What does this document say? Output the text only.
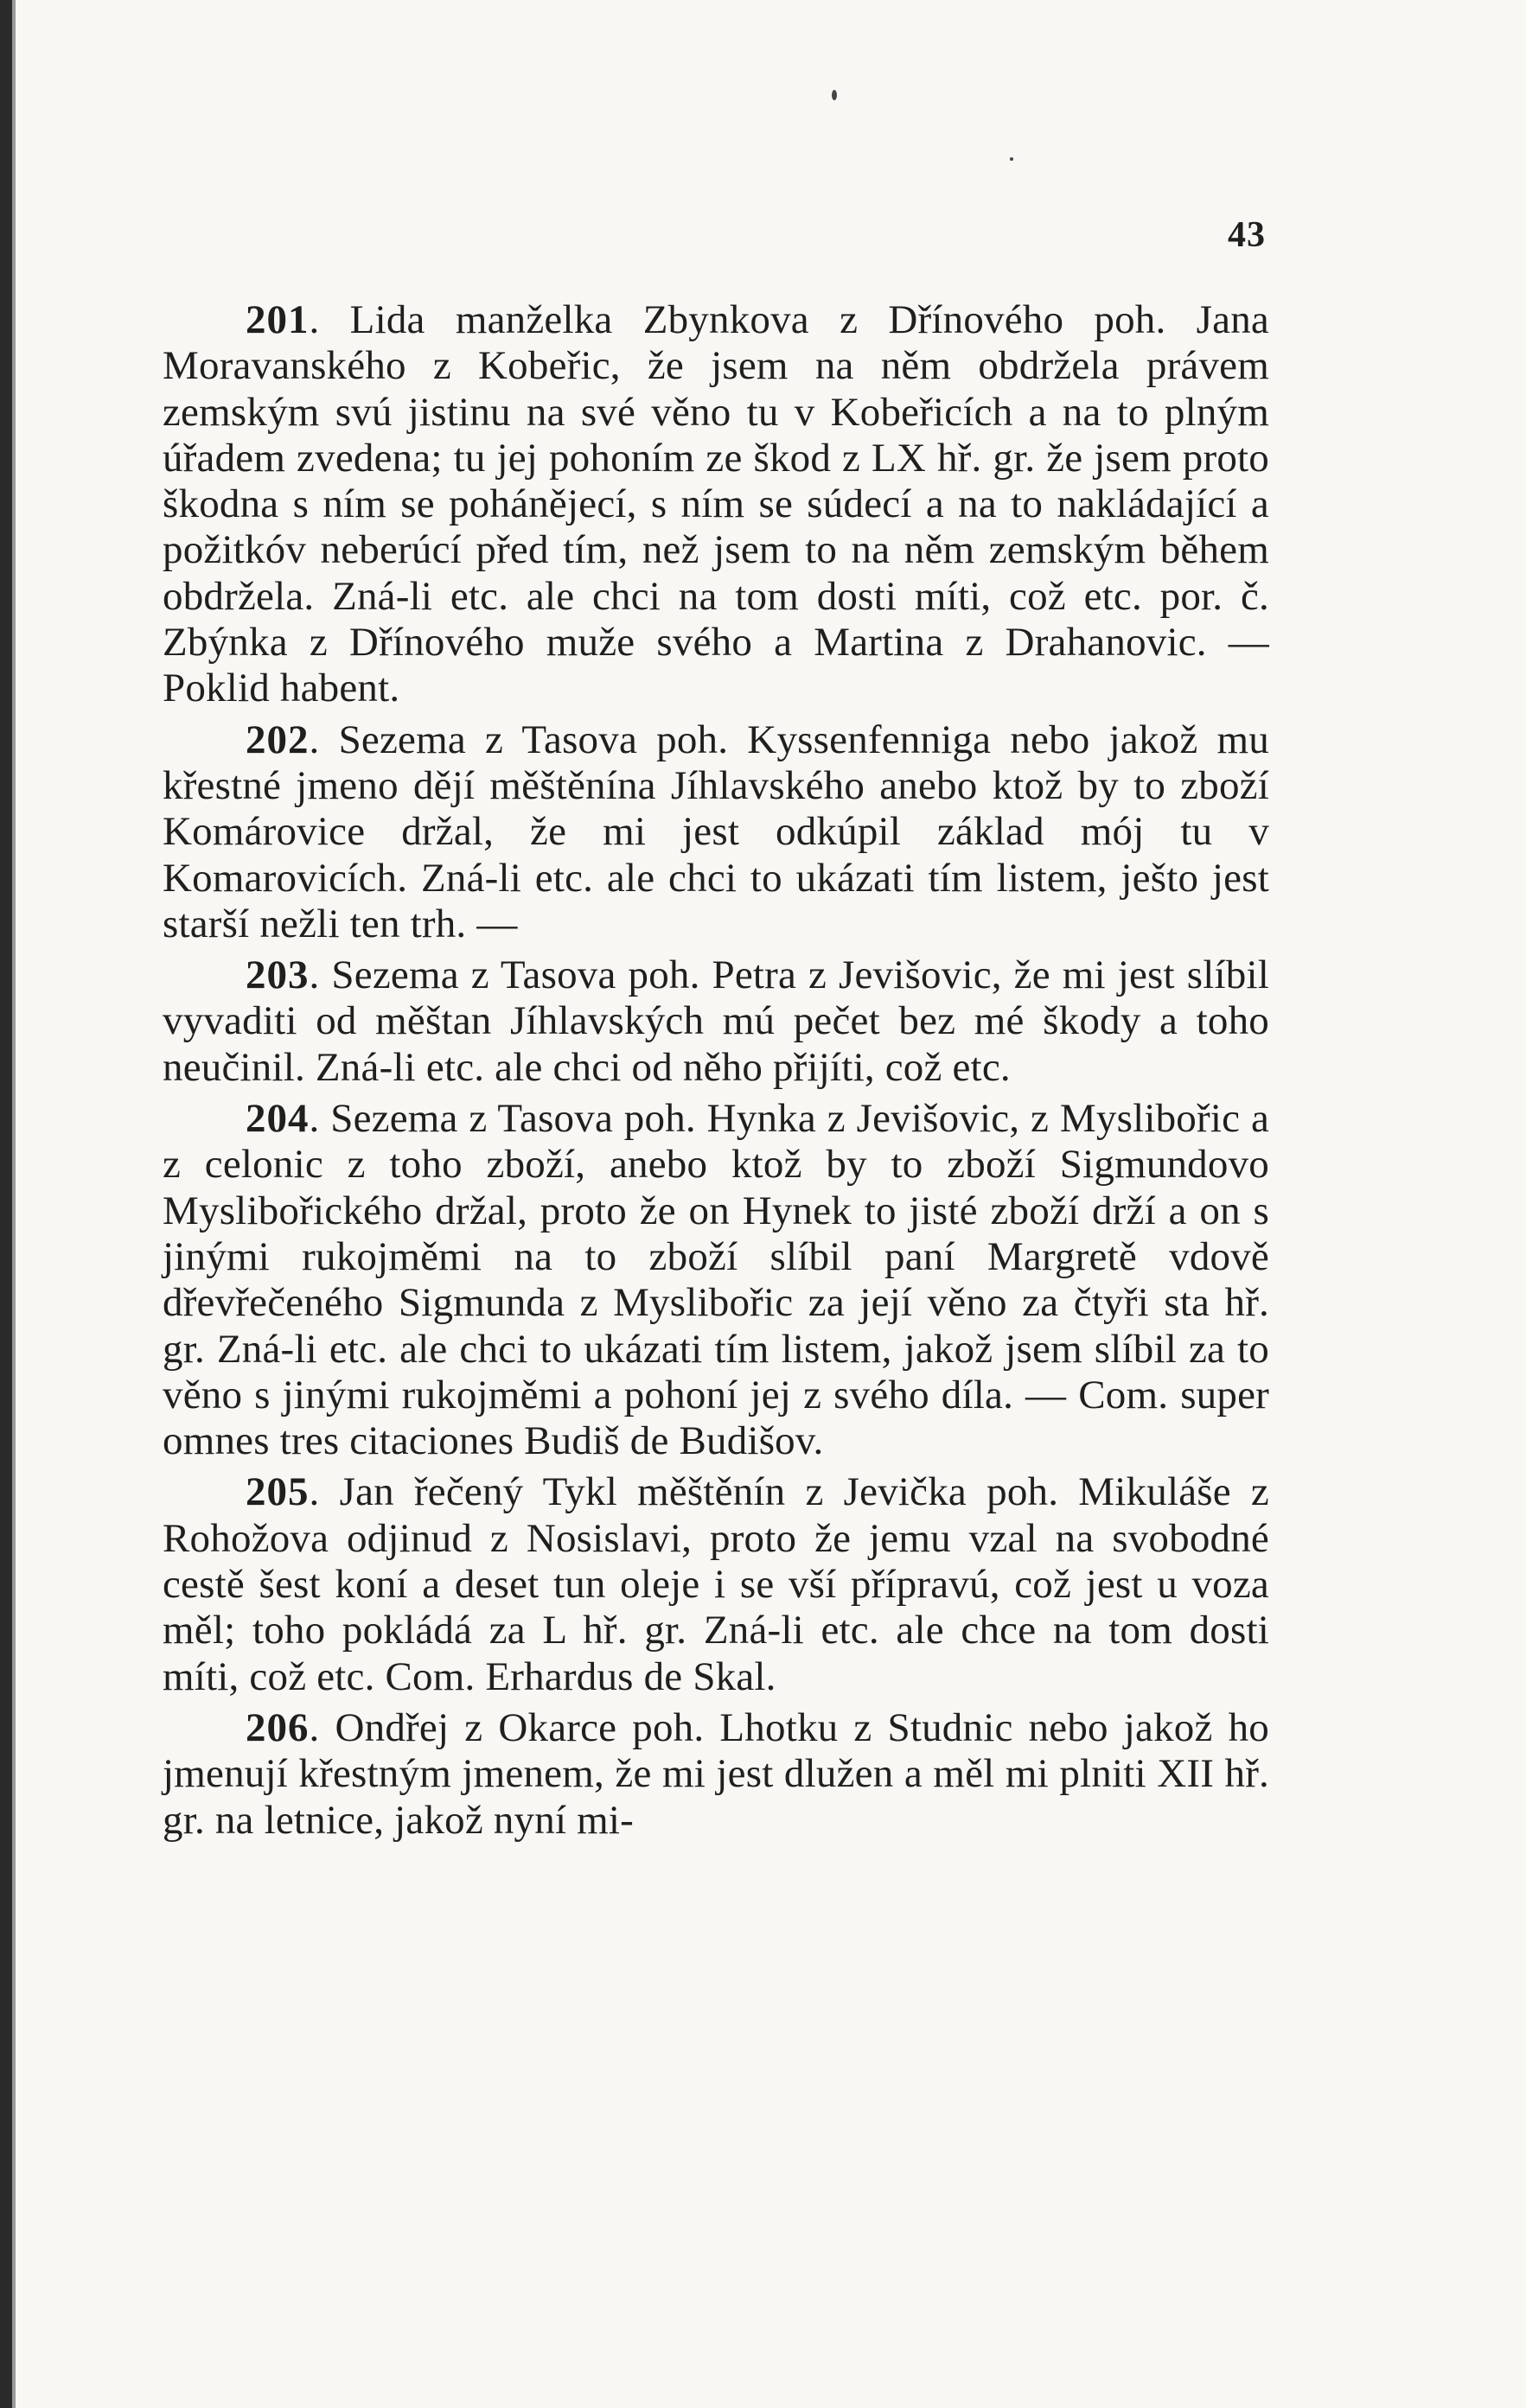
43

201. Lida manželka Zbynkova z Dřínového poh. Jana Moravanského z Kobeřic, že jsem na něm obdržela právem zemským svú jistinu na své věno tu v Kobeřicích a na to plným úřadem zvedena; tu jej pohoním ze škod z LX hř. gr. že jsem proto škodna s ním se poháněјecí, s ním se súdecí a na to nakládající a požitkóv neberúcí před tím, než jsem to na něm zemským během obdržela. Zná-li etc. ale chci na tom dosti míti, což etc. por. č. Zbýnka z Dřínového muže svého a Martina z Drahanovic. — Poklid habent.

202. Sezema z Tasova poh. Kyssenfenniga nebo jakož mu křestné jmeno dějí měštěnína Jíhlavského anebo ktož by to zboží Komárovice držal, že mi jest odkúpil základ mój tu v Komarovicích. Zná-li etc. ale chci to ukázati tím listem, ješto jest starší nežli ten trh. —

203. Sezema z Tasova poh. Petra z Jevišovic, že mi jest slíbil vyvaditi od měštan Jíhlavských mú pečet bez mé škody a toho neučinil. Zná-li etc. ale chci od něho přijíti, což etc.

204. Sezema z Tasova poh. Hynka z Jevišovic, z Myslibořic a z celonic z toho zboží, anebo ktož by to zboží Sigmundovo Myslibořického držal, proto že on Hynek to jisté zboží drží a on s jinými rukojměmi na to zboží slíbil paní Margretě vdově dřevřečeného Sigmunda z Myslibořic za její věno za čtyři sta hř. gr. Zná-li etc. ale chci to ukázati tím listem, jakož jsem slíbil za to věno s jinými rukojměmi a pohoní jej z svého díla. — Com. super omnes tres citaciones Budiš de Budišov.

205. Jan řečený Tykl měštěnín z Jevička poh. Mikuláše z Rohožova odjinud z Nosislavi, proto že jemu vzal na svobodné cestě šest koní a deset tun oleje i se vší přípravú, což jest u voza měl; toho pokládá za L hř. gr. Zná-li etc. ale chce na tom dosti míti, což etc. Com. Erhardus de Skal.

206. Ondřej z Okarce poh. Lhotku z Studnic nebo jakož ho jmenují křestným jmenem, že mi jest dlužen a měl mi plniti XII hř. gr. na letnice, jakož nyní mi-
